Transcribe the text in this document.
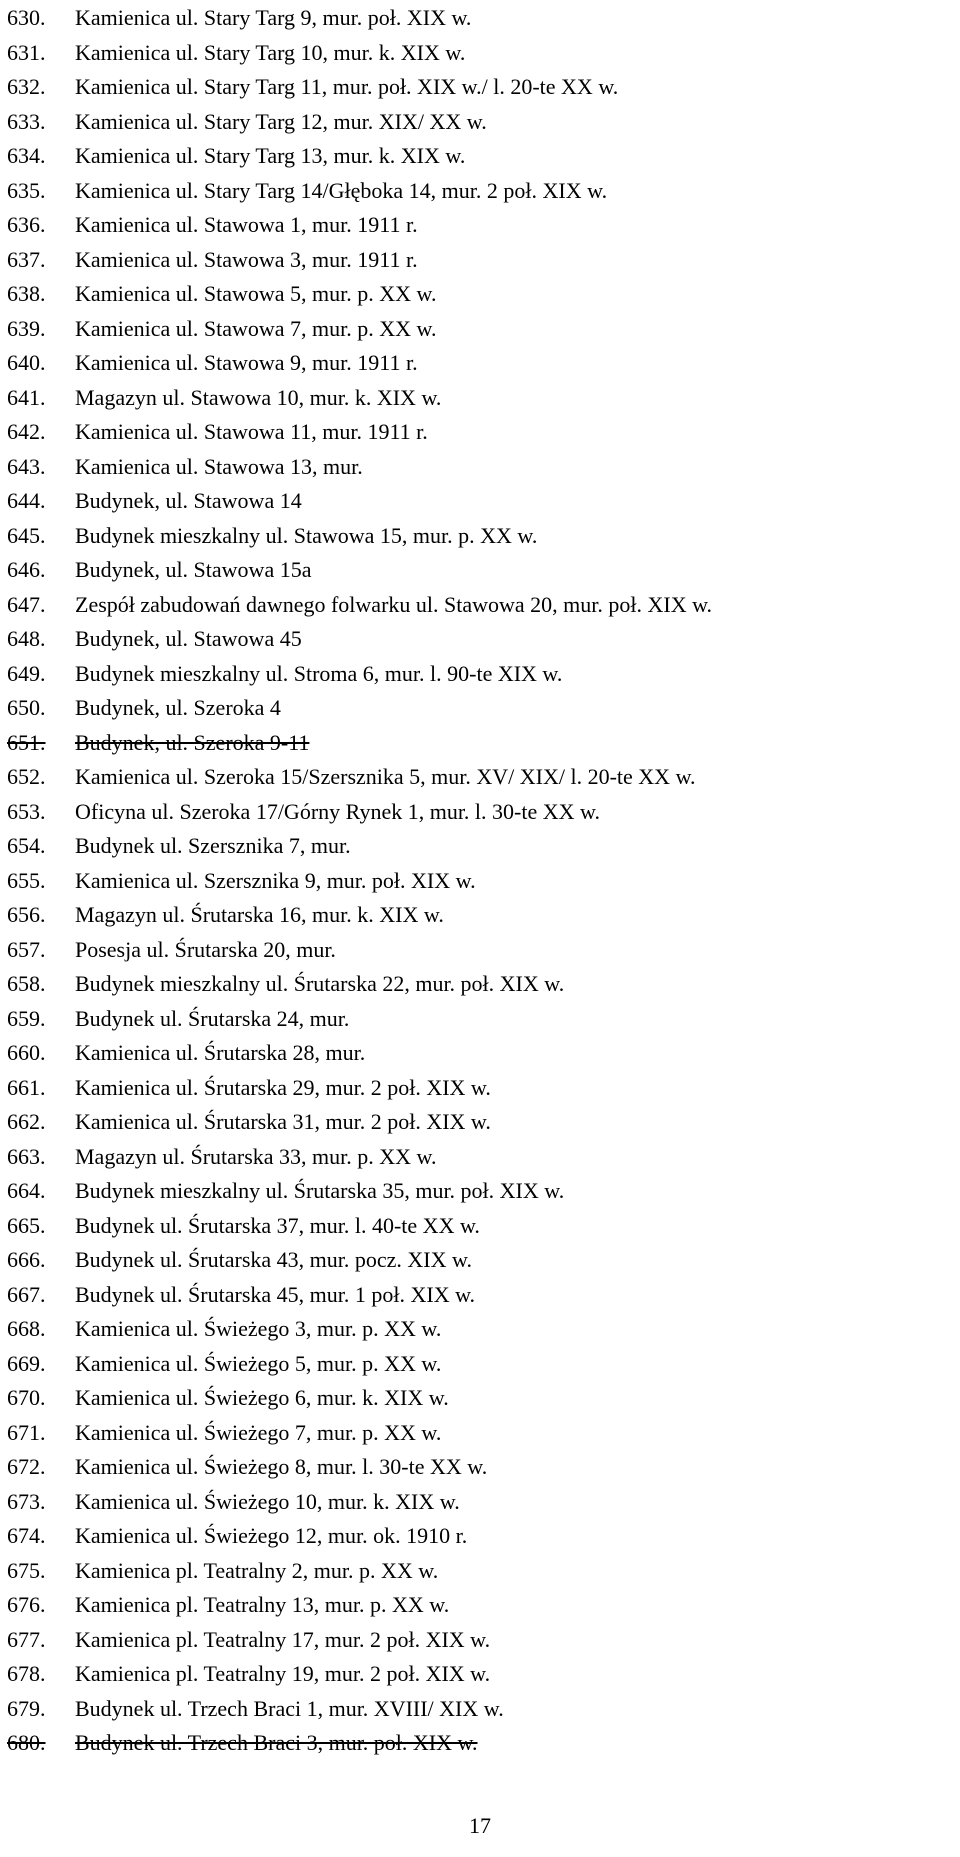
630.	Kamienica ul. Stary Targ 9, mur. poł. XIX w.
631.	Kamienica ul. Stary Targ 10, mur. k. XIX w.
632.	Kamienica ul. Stary Targ 11, mur. poł. XIX w./ l. 20-te XX w.
633.	Kamienica ul. Stary Targ 12, mur. XIX/ XX w.
634.	Kamienica ul. Stary Targ 13, mur. k. XIX w.
635.	Kamienica ul. Stary Targ 14/Głęboka 14, mur. 2 poł. XIX w.
636.	Kamienica ul. Stawowa 1, mur. 1911 r.
637.	Kamienica ul. Stawowa 3, mur. 1911 r.
638.	Kamienica ul. Stawowa 5, mur. p. XX w.
639.	Kamienica ul. Stawowa 7, mur. p. XX w.
640.	Kamienica ul. Stawowa 9, mur. 1911 r.
641.	Magazyn ul. Stawowa 10, mur. k. XIX w.
642.	Kamienica ul. Stawowa 11, mur. 1911 r.
643.	Kamienica ul. Stawowa 13, mur.
644.	Budynek, ul. Stawowa 14
645.	Budynek mieszkalny ul. Stawowa 15, mur. p. XX w.
646.	Budynek, ul. Stawowa 15a
647.	Zespół zabudowań dawnego folwarku ul. Stawowa 20, mur. poł. XIX w.
648.	Budynek, ul. Stawowa 45
649.	Budynek mieszkalny ul. Stroma 6, mur. l. 90-te XIX w.
650.	Budynek, ul. Szeroka 4
651.	Budynek, ul. Szeroka 9-11
652.	Kamienica ul. Szeroka 15/Szersznika 5, mur. XV/ XIX/ l. 20-te XX w.
653.	Oficyna ul. Szeroka 17/Górny Rynek 1, mur. l. 30-te XX w.
654.	Budynek ul. Szersznika 7, mur.
655.	Kamienica ul. Szersznika 9, mur. poł. XIX w.
656.	Magazyn ul. Śrutarska 16, mur. k. XIX w.
657.	Posesja ul. Śrutarska 20, mur.
658.	Budynek mieszkalny ul. Śrutarska 22, mur. poł. XIX w.
659.	Budynek ul. Śrutarska 24, mur.
660.	Kamienica ul. Śrutarska 28, mur.
661.	Kamienica ul. Śrutarska 29, mur. 2 poł. XIX w.
662.	Kamienica ul. Śrutarska 31, mur. 2 poł. XIX w.
663.	Magazyn ul. Śrutarska 33, mur. p. XX w.
664.	Budynek mieszkalny ul. Śrutarska 35, mur. poł. XIX w.
665.	Budynek ul. Śrutarska 37, mur. l. 40-te XX w.
666.	Budynek ul. Śrutarska 43, mur. pocz. XIX w.
667.	Budynek ul. Śrutarska 45, mur. 1 poł. XIX w.
668.	Kamienica ul. Świeżego 3, mur. p. XX w.
669.	Kamienica ul. Świeżego 5, mur. p. XX w.
670.	Kamienica ul. Świeżego 6, mur. k. XIX w.
671.	Kamienica ul. Świeżego 7, mur. p. XX w.
672.	Kamienica ul. Świeżego 8, mur. l. 30-te XX w.
673.	Kamienica ul. Świeżego 10, mur. k. XIX w.
674.	Kamienica ul. Świeżego 12, mur. ok. 1910 r.
675.	Kamienica pl. Teatralny 2, mur. p. XX w.
676.	Kamienica pl. Teatralny 13, mur. p. XX w.
677.	Kamienica pl. Teatralny 17, mur. 2 poł. XIX w.
678.	Kamienica pl. Teatralny 19, mur. 2 poł. XIX w.
679.	Budynek ul. Trzech Braci 1, mur. XVIII/ XIX w.
680.	Budynek ul. Trzech Braci 3, mur. poł. XIX w.
17
